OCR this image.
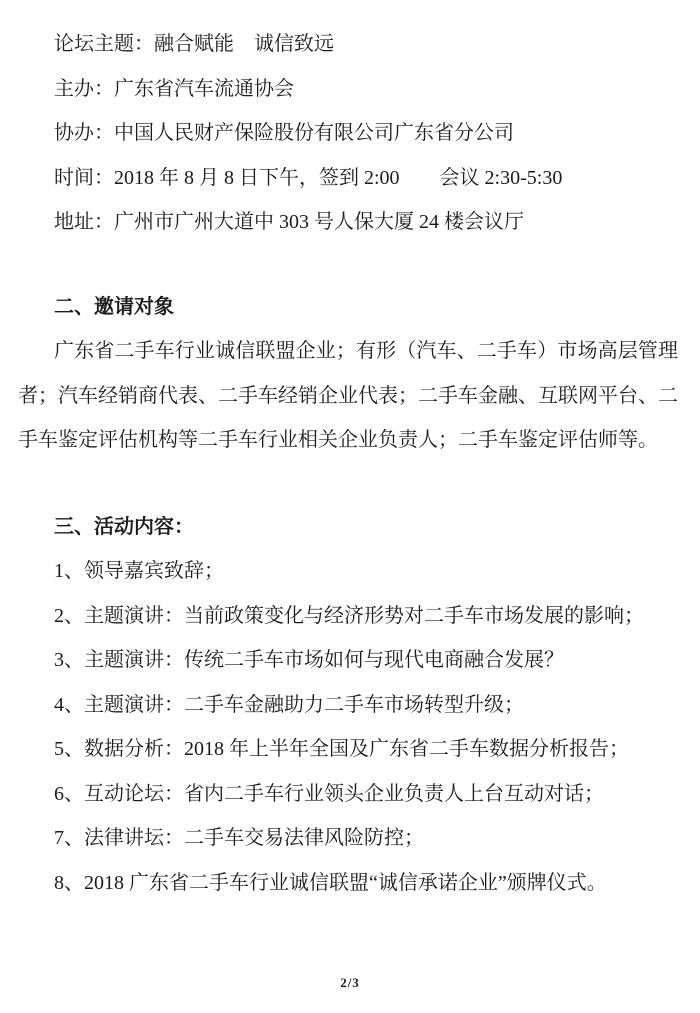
论坛主题：融合赋能　诚信致远

主办：广东省汽车流通协会

协办：中国人民财产保险股份有限公司广东省分公司

时间：2018 年 8 月 8 日下午，签到 2:00　　会议 2:30-5:30

地址：广州市广州大道中 303 号人保大厦 24 楼会议厅

二、邀请对象

广东省二手车行业诚信联盟企业；有形（汽车、二手车）市场高层管理者；汽车经销商代表、二手车经销企业代表；二手车金融、互联网平台、二手车鉴定评估机构等二手车行业相关企业负责人；二手车鉴定评估师等。

三、活动内容：

1、领导嘉宾致辞；

2、主题演讲：当前政策变化与经济形势对二手车市场发展的影响；

3、主题演讲：传统二手车市场如何与现代电商融合发展？

4、主题演讲：二手车金融助力二手车市场转型升级；

5、数据分析：2018 年上半年全国及广东省二手车数据分析报告；

6、互动论坛：省内二手车行业领头企业负责人上台互动对话；

7、法律讲坛：二手车交易法律风险防控；

8、2018 广东省二手车行业诚信联盟“诚信承诺企业”颁牌仪式。

2/3
